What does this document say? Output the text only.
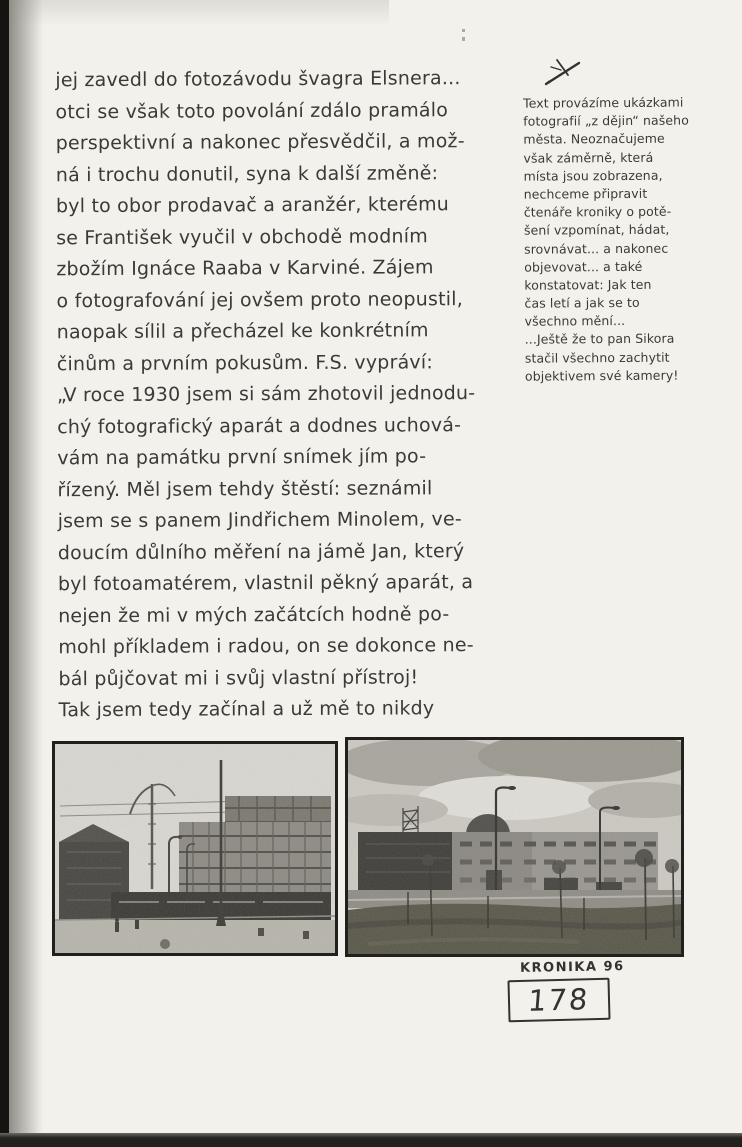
jej zavedl do fotozávodu švagra Elsnera...
otci se však toto povolání zdálo pramálo
perspektivní a nakonec přesvědčil, a mož-
ná i trochu donutil, syna k další změně:
byl to obor prodavač a aranžér, kterému
se František vyučil v obchodě modním
zbožím Ignáce Raaba v Karviné. Zájem
o fotografování jej ovšem proto neopustil,
naopak sílil a přecházel ke konkrétním
činům a prvním pokusům. F.S. vypráví:
„V roce 1930 jsem si sám zhotovil jednodu-
chý fotografický aparát a dodnes uchová-
vám na památku první snímek jím po-
řízený. Měl jsem tehdy štěstí: seznámil
jsem se s panem Jindřichem Minolem, ve-
doucím důlního měření na jámě Jan, který
byl fotoamatérem, vlastnil pěkný aparát, a
nejen že mi v mých začátcích hodně po-
mohl příkladem i radou, on se dokonce ne-
bál půjčovat mi i svůj vlastní přístroj!
Tak jsem tedy začínal a už mě to nikdy
Text provázíme ukázkami
fotografií „z dějin“ našeho
města. Neoznačujeme
však záměrně, která
místa jsou zobrazena,
nechceme připravit
čtenáře kroniky o potě-
šení vzpomínat, hádat,
srovnávat... a nakonec
objevovat... a také
konstatovat: Jak ten
čas letí a jak se to
všechno mění...
...Ještě že to pan Sikora
stačil všechno zachytit
objektivem své kamery!
KRONIKA 96
178
